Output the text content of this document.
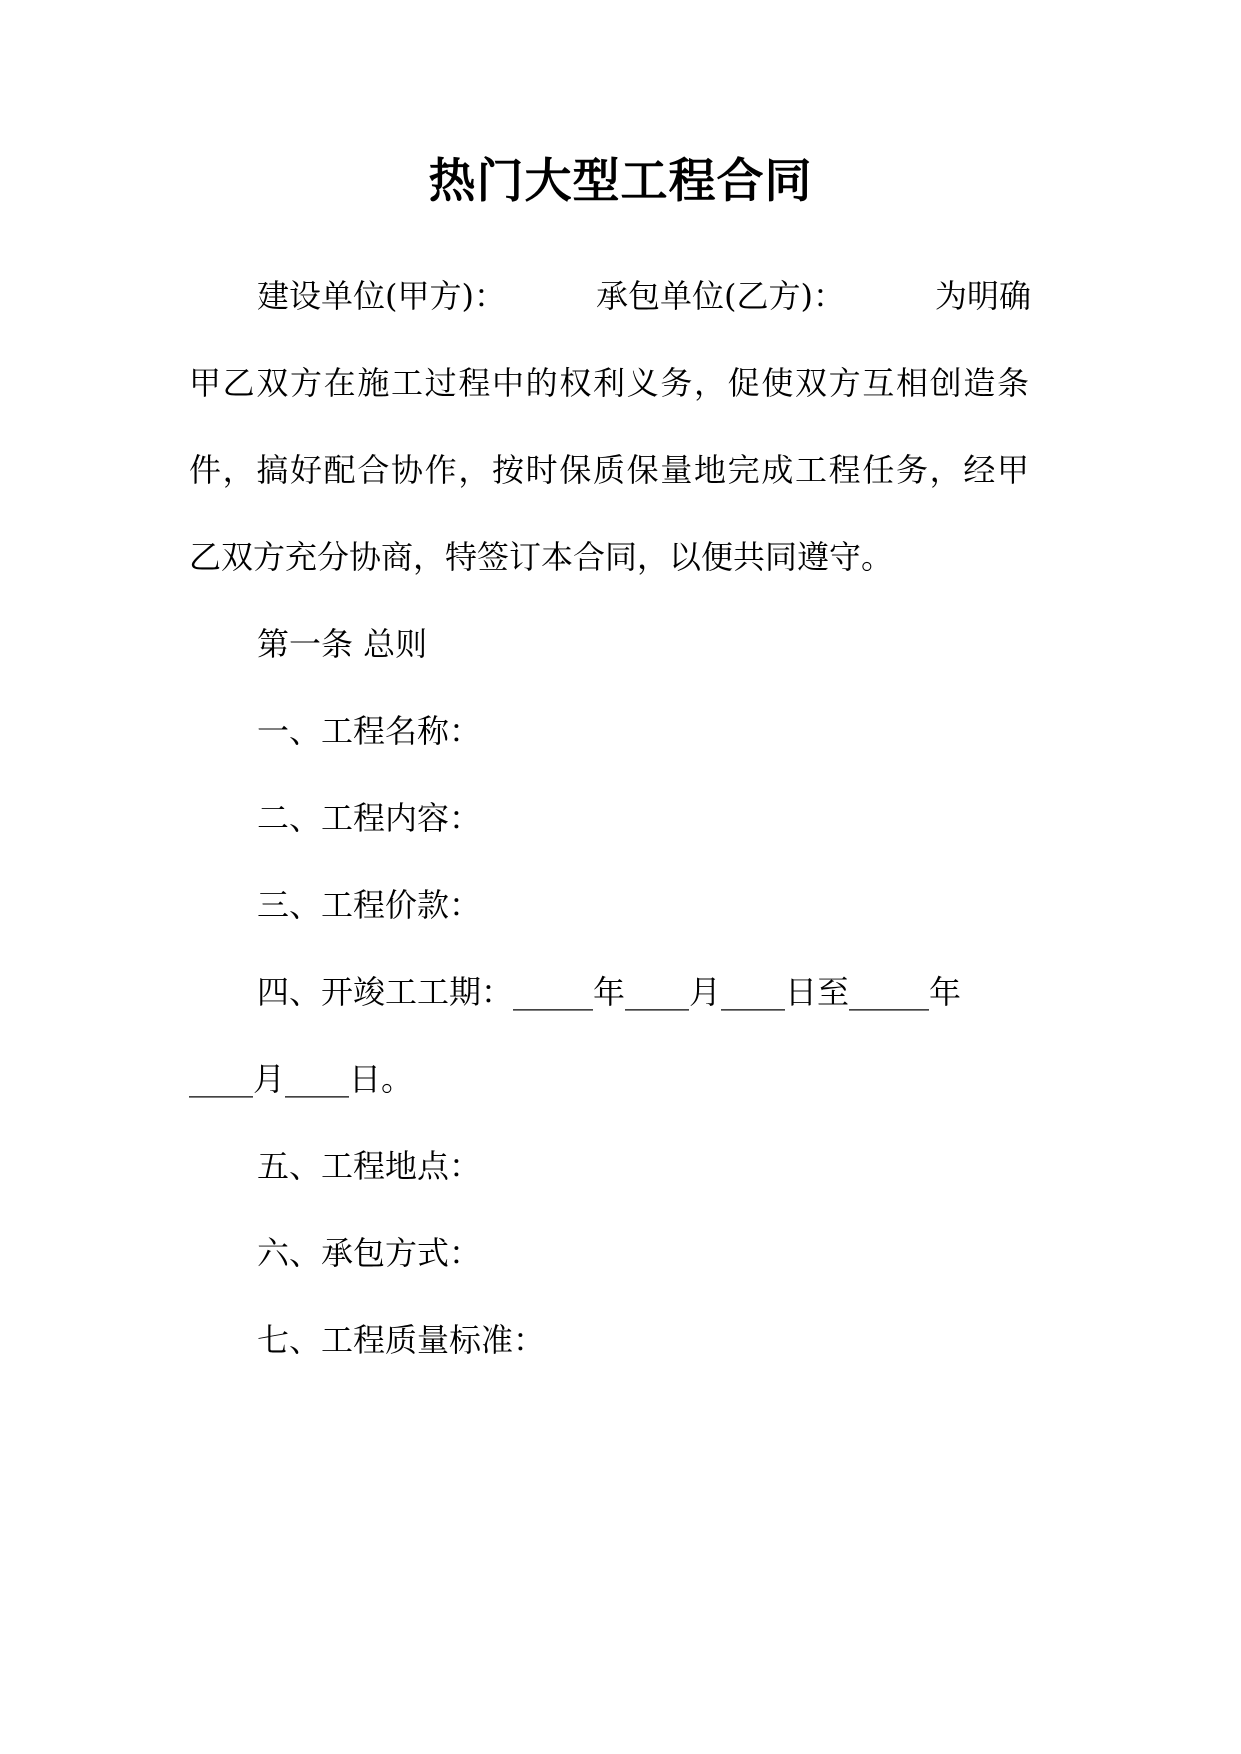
热门大型工程合同
建设单位(甲方)：	承包单位(乙方)：	为明确
甲乙双方在施工过程中的权利义务，促使双方互相创造条
件，搞好配合协作，按时保质保量地完成工程任务，经甲
乙双方充分协商，特签订本合同，以便共同遵守。
第一条 总则
一、工程名称：
二、工程内容：
三、工程价款：
四、开竣工工期：_____年____月____日至_____年
____月____日。
五、工程地点：
六、承包方式：
七、工程质量标准：
